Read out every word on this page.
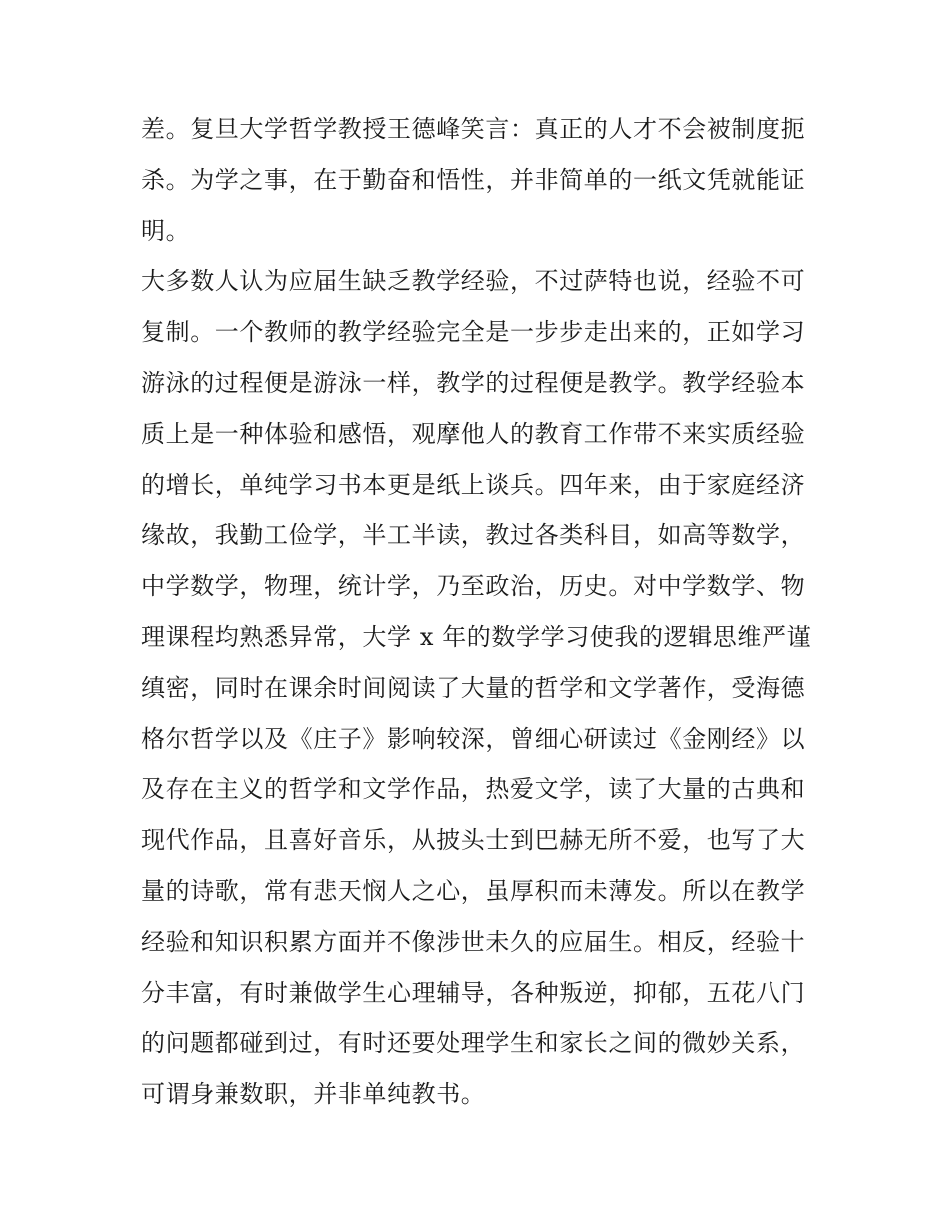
差。复旦大学哲学教授王德峰笑言：真正的人才不会被制度扼
杀。为学之事，在于勤奋和悟性，并非简单的一纸文凭就能证
明。
大多数人认为应届生缺乏教学经验，不过萨特也说，经验不可
复制。一个教师的教学经验完全是一步步走出来的，正如学习
游泳的过程便是游泳一样，教学的过程便是教学。教学经验本
质上是一种体验和感悟，观摩他人的教育工作带不来实质经验
的增长，单纯学习书本更是纸上谈兵。四年来，由于家庭经济
缘故，我勤工俭学，半工半读，教过各类科目，如高等数学，
中学数学，物理，统计学，乃至政治，历史。对中学数学、物
理课程均熟悉异常，大学 x 年的数学学习使我的逻辑思维严谨
缜密，同时在课余时间阅读了大量的哲学和文学著作，受海德
格尔哲学以及《庄子》影响较深，曾细心研读过《金刚经》以
及存在主义的哲学和文学作品，热爱文学，读了大量的古典和
现代作品，且喜好音乐，从披头士到巴赫无所不爱，也写了大
量的诗歌，常有悲天悯人之心，虽厚积而未薄发。所以在教学
经验和知识积累方面并不像涉世未久的应届生。相反，经验十
分丰富，有时兼做学生心理辅导，各种叛逆，抑郁，五花八门
的问题都碰到过，有时还要处理学生和家长之间的微妙关系，
可谓身兼数职，并非单纯教书。
